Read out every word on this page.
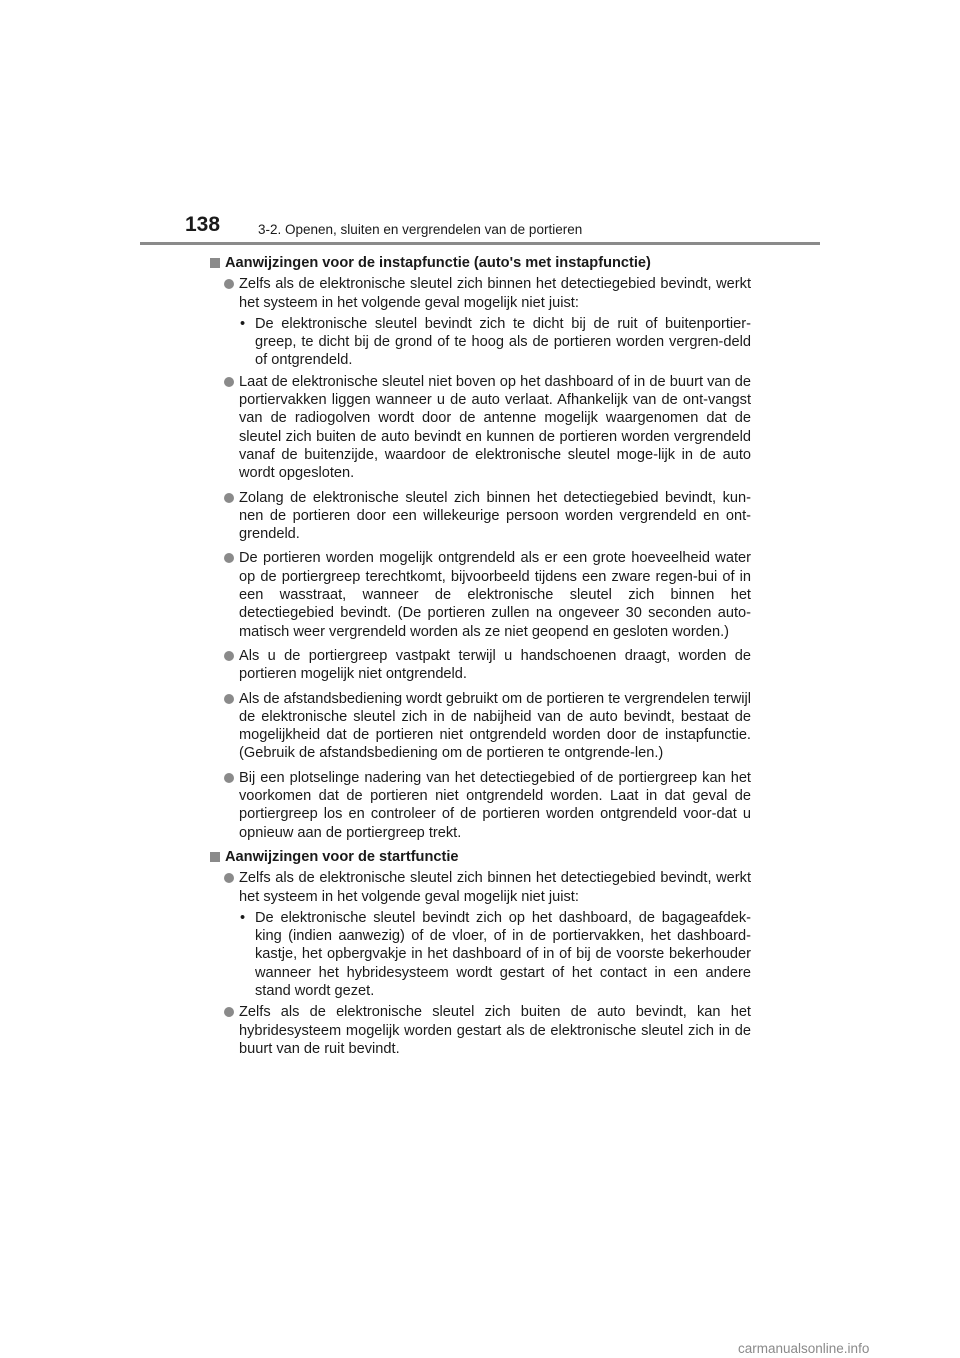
138	3-2. Openen, sluiten en vergrendelen van de portieren
Aanwijzingen voor de instapfunctie (auto's met instapfunctie)
Zelfs als de elektronische sleutel zich binnen het detectiegebied bevindt, werkt het systeem in het volgende geval mogelijk niet juist:
• De elektronische sleutel bevindt zich te dicht bij de ruit of buitenportier-greep, te dicht bij de grond of te hoog als de portieren worden vergren-deld of ontgrendeld.
Laat de elektronische sleutel niet boven op het dashboard of in de buurt van de portiervakken liggen wanneer u de auto verlaat. Afhankelijk van de ont-vangst van de radiogolven wordt door de antenne mogelijk waargenomen dat de sleutel zich buiten de auto bevindt en kunnen de portieren worden vergrendeld vanaf de buitenzijde, waardoor de elektronische sleutel moge-lijk in de auto wordt opgesloten.
Zolang de elektronische sleutel zich binnen het detectiegebied bevindt, kun-nen de portieren door een willekeurige persoon worden vergrendeld en ont-grendeld.
De portieren worden mogelijk ontgrendeld als er een grote hoeveelheid water op de portiergreep terechtkomt, bijvoorbeeld tijdens een zware regen-bui of in een wasstraat, wanneer de elektronische sleutel zich binnen het detectiegebied bevindt. (De portieren zullen na ongeveer 30 seconden auto-matisch weer vergrendeld worden als ze niet geopend en gesloten worden.)
Als u de portiergreep vastpakt terwijl u handschoenen draagt, worden de portieren mogelijk niet ontgrendeld.
Als de afstandsbediening wordt gebruikt om de portieren te vergrendelen terwijl de elektronische sleutel zich in de nabijheid van de auto bevindt, bestaat de mogelijkheid dat de portieren niet ontgrendeld worden door de instapfunctie. (Gebruik de afstandsbediening om de portieren te ontgrende-len.)
Bij een plotselinge nadering van het detectiegebied of de portiergreep kan het voorkomen dat de portieren niet ontgrendeld worden. Laat in dat geval de portiergreep los en controleer of de portieren worden ontgrendeld voor-dat u opnieuw aan de portiergreep trekt.
Aanwijzingen voor de startfunctie
Zelfs als de elektronische sleutel zich binnen het detectiegebied bevindt, werkt het systeem in het volgende geval mogelijk niet juist:
• De elektronische sleutel bevindt zich op het dashboard, de bagageafdek-king (indien aanwezig) of de vloer, of in de portiervakken, het dashboard-kastje, het opbergvakje in het dashboard of in of bij de voorste bekerhouder wanneer het hybridesysteem wordt gestart of het contact in een andere stand wordt gezet.
Zelfs als de elektronische sleutel zich buiten de auto bevindt, kan het hybridesysteem mogelijk worden gestart als de elektronische sleutel zich in de buurt van de ruit bevindt.
carmanualsonline.info
